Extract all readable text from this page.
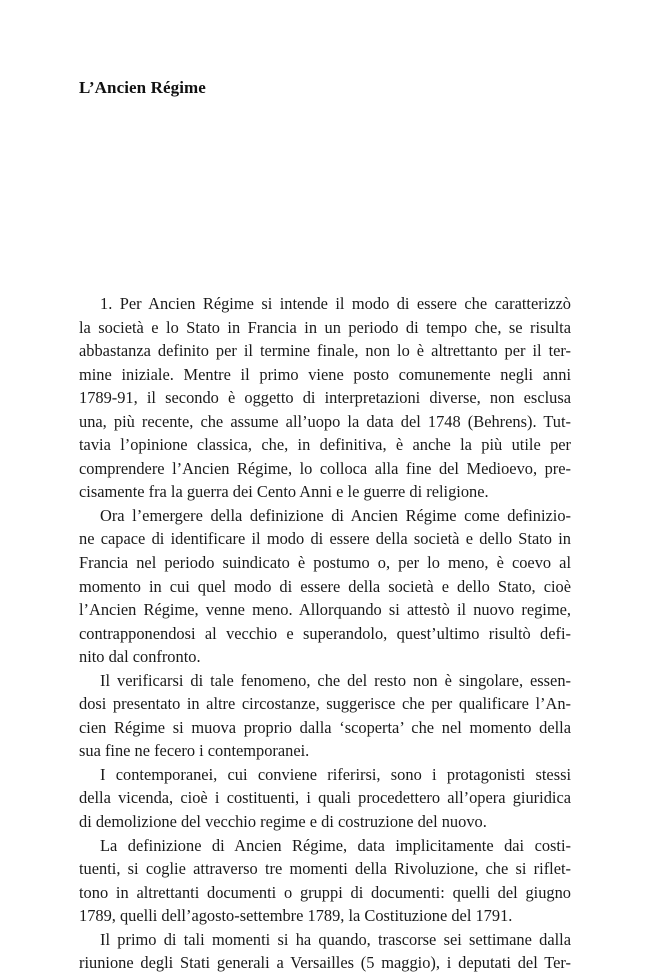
L’Ancien Régime
1. Per Ancien Régime si intende il modo di essere che caratterizzò
la società e lo Stato in Francia in un periodo di tempo che, se risulta
abbastanza definito per il termine finale, non lo è altrettanto per il ter-
mine iniziale. Mentre il primo viene posto comunemente negli anni
1789-91, il secondo è oggetto di interpretazioni diverse, non esclusa
una, più recente, che assume all’uopo la data del 1748 (Behrens). Tut-
tavia l’opinione classica, che, in definitiva, è anche la più utile per
comprendere l’Ancien Régime, lo colloca alla fine del Medioevo, pre-
cisamente fra la guerra dei Cento Anni e le guerre di religione.
Ora l’emergere della definizione di Ancien Régime come definizio-
ne capace di identificare il modo di essere della società e dello Stato in
Francia nel periodo suindicato è postumo o, per lo meno, è coevo al
momento in cui quel modo di essere della società e dello Stato, cioè
l’Ancien Régime, venne meno. Allorquando si attestò il nuovo regime,
contrapponendosi al vecchio e superandolo, quest’ultimo risultò defi-
nito dal confronto.
Il verificarsi di tale fenomeno, che del resto non è singolare, essen-
dosi presentato in altre circostanze, suggerisce che per qualificare l’An-
cien Régime si muova proprio dalla ‘scoperta’ che nel momento della
sua fine ne fecero i contemporanei.
I contemporanei, cui conviene riferirsi, sono i protagonisti stessi
della vicenda, cioè i costituenti, i quali procedettero all’opera giuridica
di demolizione del vecchio regime e di costruzione del nuovo.
La definizione di Ancien Régime, data implicitamente dai costi-
tuenti, si coglie attraverso tre momenti della Rivoluzione, che si riflet-
tono in altrettanti documenti o gruppi di documenti: quelli del giugno
1789, quelli dell’agosto-settembre 1789, la Costituzione del 1791.
Il primo di tali momenti si ha quando, trascorse sei settimane dalla
riunione degli Stati generali a Versailles (5 maggio), i deputati del Ter-
